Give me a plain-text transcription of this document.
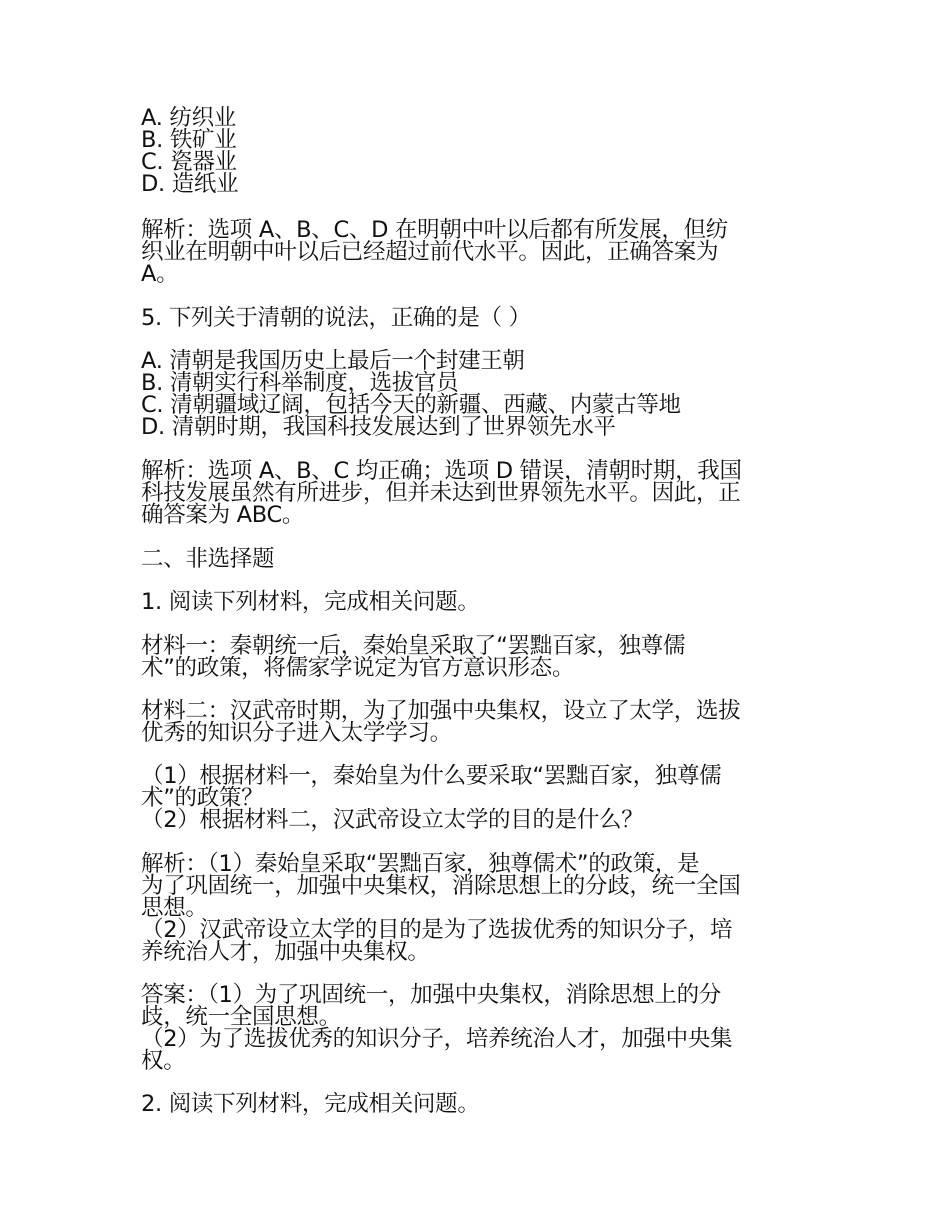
A. 纺织业
B. 铁矿业
C. 瓷器业
D. 造纸业
解析：选项 A、B、C、D 在明朝中叶以后都有所发展，但纺
织业在明朝中叶以后已经超过前代水平。因此，正确答案为
A。
5. 下列关于清朝的说法，正确的是（ ）
A. 清朝是我国历史上最后一个封建王朝
B. 清朝实行科举制度，选拔官员
C. 清朝疆域辽阔，包括今天的新疆、西藏、内蒙古等地
D. 清朝时期，我国科技发展达到了世界领先水平
解析：选项 A、B、C 均正确；选项 D 错误，清朝时期，我国
科技发展虽然有所进步，但并未达到世界领先水平。因此，正
确答案为 ABC。
二、非选择题
1. 阅读下列材料，完成相关问题。
材料一：秦朝统一后，秦始皇采取了“罢黜百家，独尊儒
术”的政策，将儒家学说定为官方意识形态。
材料二：汉武帝时期，为了加强中央集权，设立了太学，选拔
优秀的知识分子进入太学学习。
（1）根据材料一，秦始皇为什么要采取“罢黜百家，独尊儒
术”的政策？
（2）根据材料二，汉武帝设立太学的目的是什么？
解析：（1）秦始皇采取“罢黜百家，独尊儒术”的政策，是
为了巩固统一，加强中央集权，消除思想上的分歧，统一全国
思想。
（2）汉武帝设立太学的目的是为了选拔优秀的知识分子，培
养统治人才，加强中央集权。
答案：（1）为了巩固统一，加强中央集权，消除思想上的分
歧，统一全国思想。
（2）为了选拔优秀的知识分子，培养统治人才，加强中央集
权。
2. 阅读下列材料，完成相关问题。
